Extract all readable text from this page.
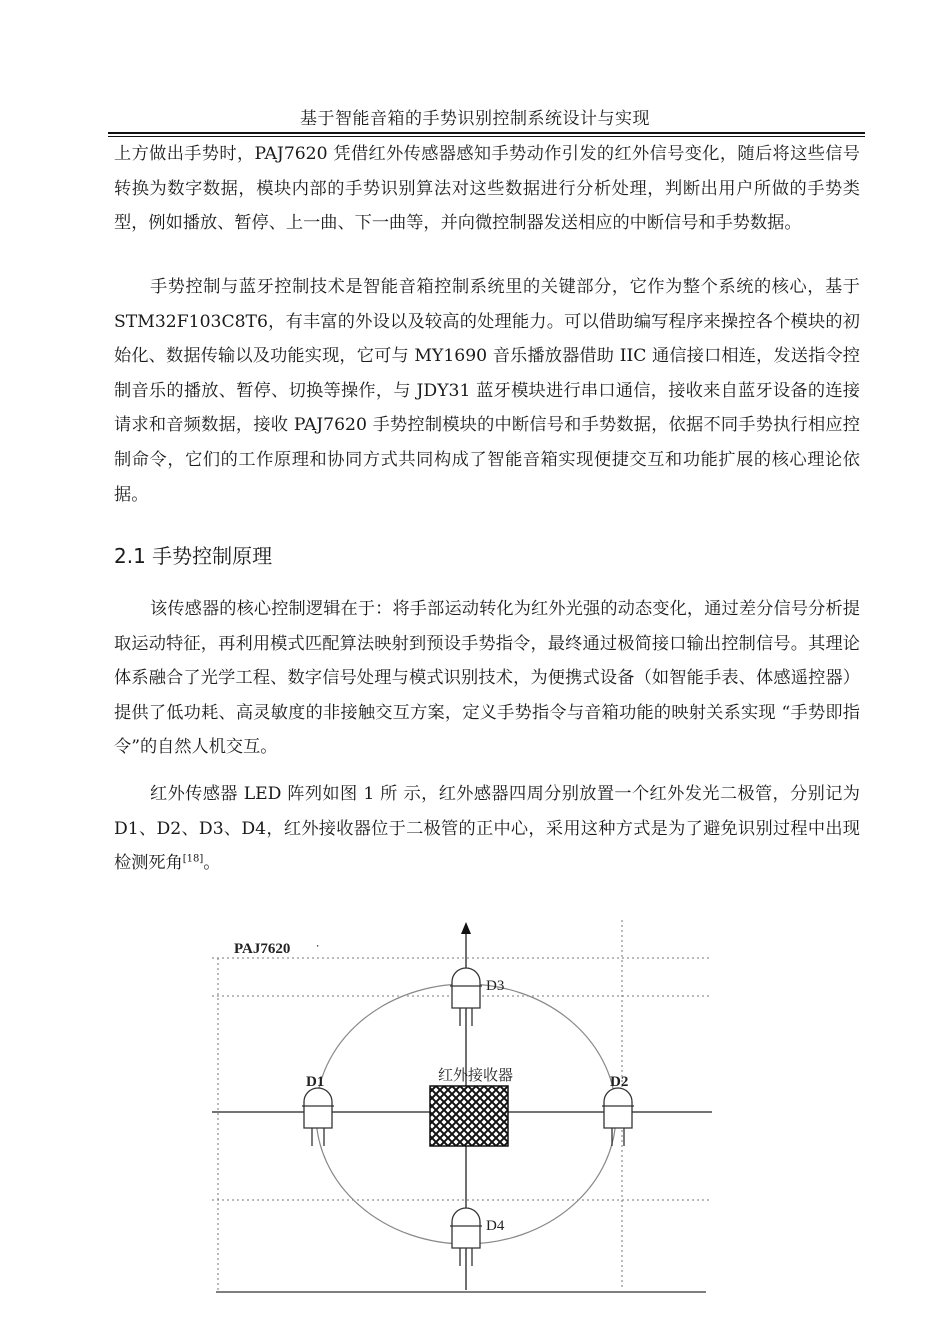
基于智能音箱的手势识别控制系统设计与实现

上方做出手势时，PAJ7620 凭借红外传感器感知手势动作引发的红外信号变化，随后将这些信号转换为数字数据，模块内部的手势识别算法对这些数据进行分析处理，判断出用户所做的手势类型，例如播放、暂停、上一曲、下一曲等，并向微控制器发送相应的中断信号和手势数据。

手势控制与蓝牙控制技术是智能音箱控制系统里的关键部分，它作为整个系统的核心，基于 STM32F103C8T6，有丰富的外设以及较高的处理能力。可以借助编写程序来操控各个模块的初始化、数据传输以及功能实现，它可与 MY1690 音乐播放器借助 IIC 通信接口相连，发送指令控制音乐的播放、暂停、切换等操作，与 JDY31 蓝牙模块进行串口通信，接收来自蓝牙设备的连接请求和音频数据，接收 PAJ7620 手势控制模块的中断信号和手势数据，依据不同手势执行相应控制命令，它们的工作原理和协同方式共同构成了智能音箱实现便捷交互和功能扩展的核心理论依据。

2.1 手势控制原理

该传感器的核心控制逻辑在于：将手部运动转化为红外光强的动态变化，通过差分信号分析提取运动特征，再利用模式匹配算法映射到预设手势指令，最终通过极简接口输出控制信号。其理论体系融合了光学工程、数字信号处理与模式识别技术，为便携式设备（如智能手表、体感遥控器）提供了低功耗、高灵敏度的非接触交互方案，定义手势指令与音箱功能的映射关系实现 “手势即指令”的自然人机交互。

红外传感器 LED 阵列如图 1 所 示，红外感器四周分别放置一个红外发光二极管，分别记为 D1、D2、D3、D4，红外接收器位于二极管的正中心，采用这种方式是为了避免识别过程中出现检测死角[18]。

PAJ7620 ⸱
红外接收器
D3
D4
D1	D2
